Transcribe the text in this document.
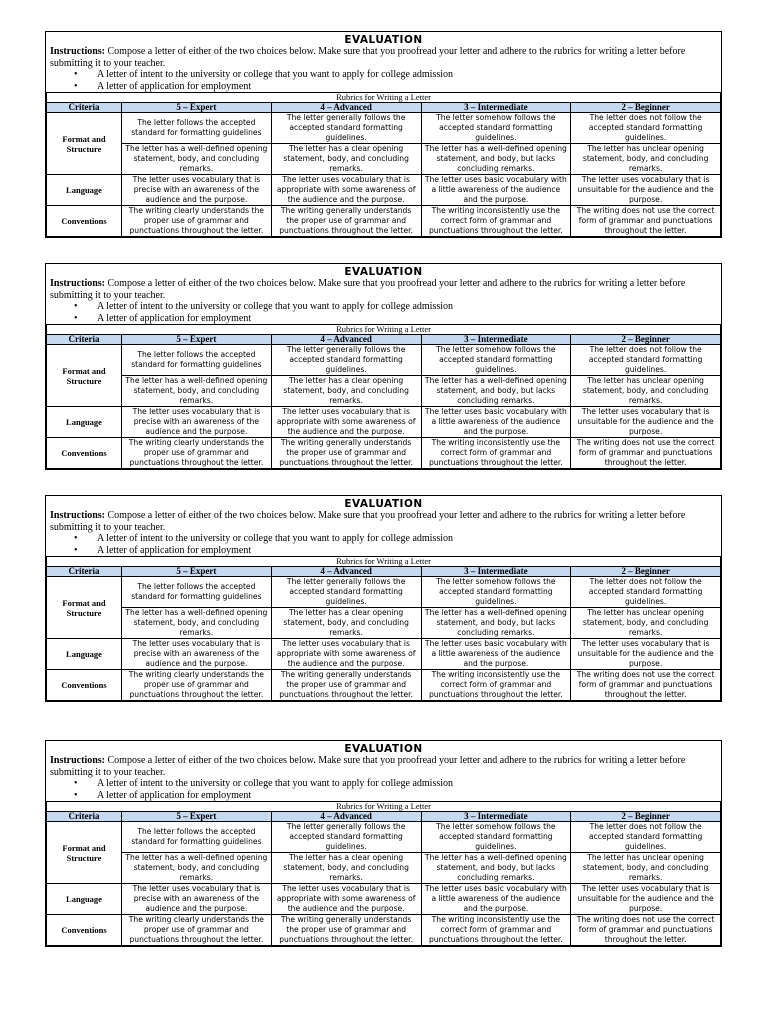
EVALUATION
Instructions: Compose a letter of either of the two choices below. Make sure that you proofread your letter and adhere to the rubrics for writing a letter before submitting it to your teacher.
• A letter of intent to the university or college that you want to apply for college admission
• A letter of application for employment
Rubrics for Writing a Letter				
Criteria	5 – Expert	4 – Advanced	3 – Intermediate	2 – Beginner
Format and Structure	The letter follows the accepted standard for formatting guidelines	The letter generally follows the accepted standard formatting guidelines.	The letter somehow follows the accepted standard formatting guidelines.	The letter does not follow the accepted standard formatting guidelines.
	The letter has a well-defined opening statement, body, and concluding remarks.	The letter has a clear opening statement, body, and concluding remarks.	The letter has a well-defined opening statement, and body, but lacks concluding remarks.	The letter has unclear opening statement, body, and concluding remarks.
Language	The letter uses vocabulary that is precise with an awareness of the audience and the purpose.	The letter uses vocabulary that is appropriate with some awareness of the audience and the purpose.	The letter uses basic vocabulary with a little awareness of the audience and the purpose.	The letter uses vocabulary that is unsuitable for the audience and the purpose.
Conventions	The writing clearly understands the proper use of grammar and punctuations throughout the letter.	The writing generally understands the proper use of grammar and punctuations throughout the letter.	The writing inconsistently use the correct form of grammar and punctuations throughout the letter.	The writing does not use the correct form of grammar and punctuations throughout the letter.
EVALUATION
Instructions: Compose a letter of either of the two choices below. Make sure that you proofread your letter and adhere to the rubrics for writing a letter before submitting it to your teacher.
• A letter of intent to the university or college that you want to apply for college admission
• A letter of application for employment
Rubrics for Writing a Letter				
Criteria	5 – Expert	4 – Advanced	3 – Intermediate	2 – Beginner
Format and Structure	The letter follows the accepted standard for formatting guidelines	The letter generally follows the accepted standard formatting guidelines.	The letter somehow follows the accepted standard formatting guidelines.	The letter does not follow the accepted standard formatting guidelines.
	The letter has a well-defined opening statement, body, and concluding remarks.	The letter has a clear opening statement, body, and concluding remarks.	The letter has a well-defined opening statement, and body, but lacks concluding remarks.	The letter has unclear opening statement, body, and concluding remarks.
Language	The letter uses vocabulary that is precise with an awareness of the audience and the purpose.	The letter uses vocabulary that is appropriate with some awareness of the audience and the purpose.	The letter uses basic vocabulary with a little awareness of the audience and the purpose.	The letter uses vocabulary that is unsuitable for the audience and the purpose.
Conventions	The writing clearly understands the proper use of grammar and punctuations throughout the letter.	The writing generally understands the proper use of grammar and punctuations throughout the letter.	The writing inconsistently use the correct form of grammar and punctuations throughout the letter.	The writing does not use the correct form of grammar and punctuations throughout the letter.
EVALUATION
Instructions: Compose a letter of either of the two choices below. Make sure that you proofread your letter and adhere to the rubrics for writing a letter before submitting it to your teacher.
• A letter of intent to the university or college that you want to apply for college admission
• A letter of application for employment
Rubrics for Writing a Letter				
Criteria	5 – Expert	4 – Advanced	3 – Intermediate	2 – Beginner
Format and Structure	The letter follows the accepted standard for formatting guidelines	The letter generally follows the accepted standard formatting guidelines.	The letter somehow follows the accepted standard formatting guidelines.	The letter does not follow the accepted standard formatting guidelines.
	The letter has a well-defined opening statement, body, and concluding remarks.	The letter has a clear opening statement, body, and concluding remarks.	The letter has a well-defined opening statement, and body, but lacks concluding remarks.	The letter has unclear opening statement, body, and concluding remarks.
Language	The letter uses vocabulary that is precise with an awareness of the audience and the purpose.	The letter uses vocabulary that is appropriate with some awareness of the audience and the purpose.	The letter uses basic vocabulary with a little awareness of the audience and the purpose.	The letter uses vocabulary that is unsuitable for the audience and the purpose.
Conventions	The writing clearly understands the proper use of grammar and punctuations throughout the letter.	The writing generally understands the proper use of grammar and punctuations throughout the letter.	The writing inconsistently use the correct form of grammar and punctuations throughout the letter.	The writing does not use the correct form of grammar and punctuations throughout the letter.
EVALUATION
Instructions: Compose a letter of either of the two choices below. Make sure that you proofread your letter and adhere to the rubrics for writing a letter before submitting it to your teacher.
• A letter of intent to the university or college that you want to apply for college admission
• A letter of application for employment
Rubrics for Writing a Letter				
Criteria	5 – Expert	4 – Advanced	3 – Intermediate	2 – Beginner
Format and Structure	The letter follows the accepted standard for formatting guidelines	The letter generally follows the accepted standard formatting guidelines.	The letter somehow follows the accepted standard formatting guidelines.	The letter does not follow the accepted standard formatting guidelines.
	The letter has a well-defined opening statement, body, and concluding remarks.	The letter has a clear opening statement, body, and concluding remarks.	The letter has a well-defined opening statement, and body, but lacks concluding remarks.	The letter has unclear opening statement, body, and concluding remarks.
Language	The letter uses vocabulary that is precise with an awareness of the audience and the purpose.	The letter uses vocabulary that is appropriate with some awareness of the audience and the purpose.	The letter uses basic vocabulary with a little awareness of the audience and the purpose.	The letter uses vocabulary that is unsuitable for the audience and the purpose.
Conventions	The writing clearly understands the proper use of grammar and punctuations throughout the letter.	The writing generally understands the proper use of grammar and punctuations throughout the letter.	The writing inconsistently use the correct form of grammar and punctuations throughout the letter.	The writing does not use the correct form of grammar and punctuations throughout the letter.
